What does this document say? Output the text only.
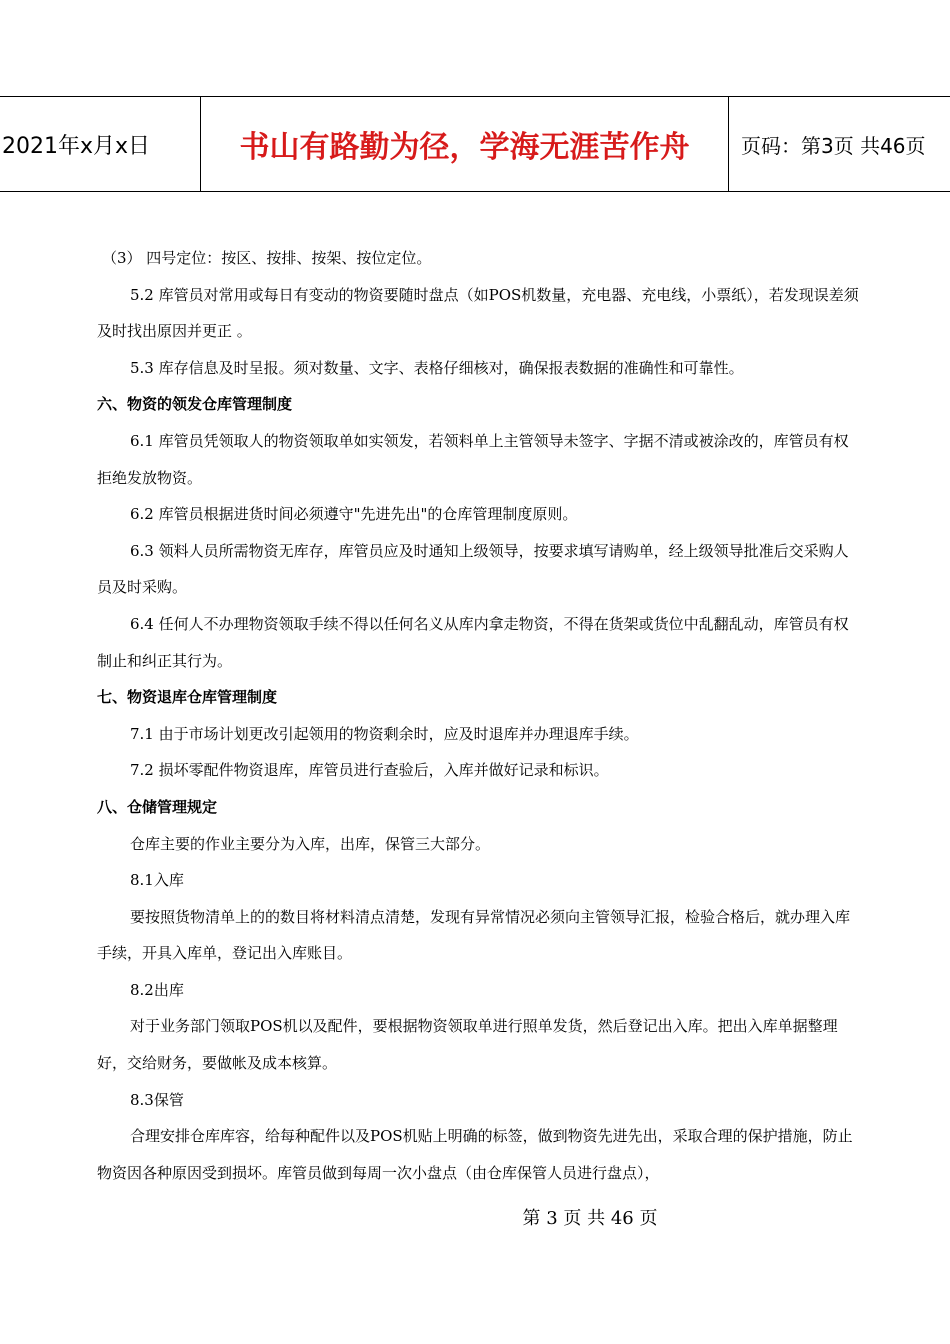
2021年x月x日	书山有路勤为径，学海无涯苦作舟	页码：第3页 共46页

（3） 四号定位：按区、按排、按架、按位定位。

5.2 库管员对常用或每日有变动的物资要随时盘点（如POS机数量，充电器、充电线，小票纸），若发现误差须及时找出原因并更正 。

5.3 库存信息及时呈报。须对数量、文字、表格仔细核对，确保报表数据的准确性和可靠性。

六、物资的领发仓库管理制度

6.1 库管员凭领取人的物资领取单如实领发，若领料单上主管领导未签字、字据不清或被涂改的，库管员有权拒绝发放物资。

6.2 库管员根据进货时间必须遵守"先进先出"的仓库管理制度原则。

6.3 领料人员所需物资无库存，库管员应及时通知上级领导，按要求填写请购单，经上级领导批准后交采购人员及时采购。

6.4 任何人不办理物资领取手续不得以任何名义从库内拿走物资，不得在货架或货位中乱翻乱动，库管员有权制止和纠正其行为。

七、物资退库仓库管理制度

7.1 由于市场计划更改引起领用的物资剩余时，应及时退库并办理退库手续。

7.2 损坏零配件物资退库，库管员进行查验后，入库并做好记录和标识。

八、仓储管理规定

仓库主要的作业主要分为入库，出库，保管三大部分。

8.1入库

要按照货物清单上的的数目将材料清点清楚，发现有异常情况必须向主管领导汇报，检验合格后，就办理入库手续，开具入库单，登记出入库账目。

8.2出库

对于业务部门领取POS机以及配件，要根据物资领取单进行照单发货，然后登记出入库。把出入库单据整理好，交给财务，要做帐及成本核算。

8.3保管

合理安排仓库库容，给每种配件以及POS机贴上明确的标签，做到物资先进先出，采取合理的保护措施，防止物资因各种原因受到损坏。库管员做到每周一次小盘点（由仓库保管人员进行盘点），

第 3 页 共 46 页
